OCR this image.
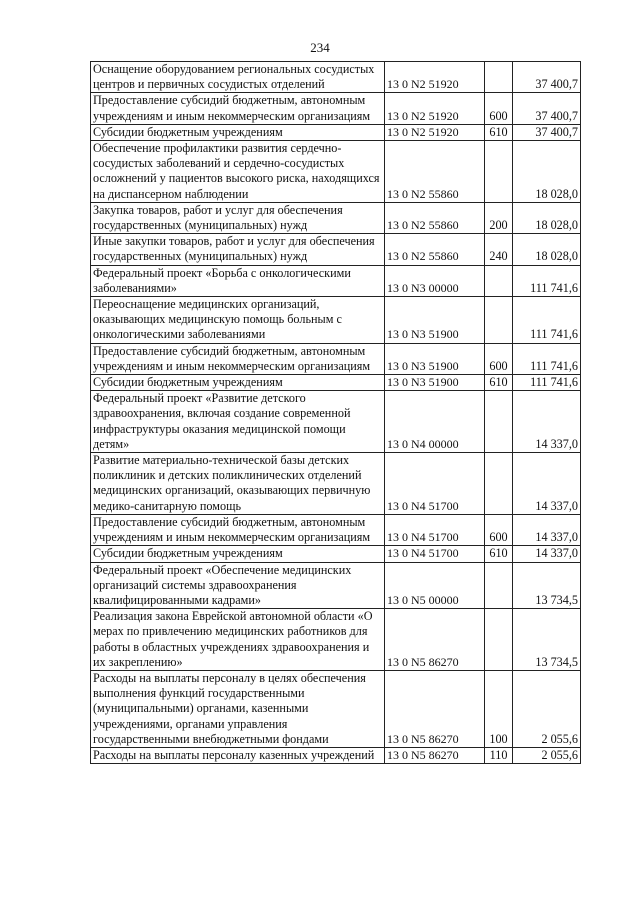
234
Оснащение оборудованием региональных сосудистых центров и первичных сосудистых отделений	13 0 N2 51920		37 400,7
Предоставление субсидий бюджетным, автономным учреждениям и иным некоммерческим организациям	13 0 N2 51920	600	37 400,7
Субсидии бюджетным учреждениям	13 0 N2 51920	610	37 400,7
Обеспечение профилактики развития сердечно-сосудистых заболеваний и сердечно-сосудистых осложнений у пациентов высокого риска, находящихся на диспансерном наблюдении	13 0 N2 55860		18 028,0
Закупка товаров, работ и услуг для обеспечения государственных (муниципальных) нужд	13 0 N2 55860	200	18 028,0
Иные закупки товаров, работ и услуг для обеспечения государственных (муниципальных) нужд	13 0 N2 55860	240	18 028,0
Федеральный проект «Борьба с онкологическими заболеваниями»	13 0 N3 00000		111 741,6
Переоснащение медицинских организаций, оказывающих медицинскую помощь больным с онкологическими заболеваниями	13 0 N3 51900		111 741,6
Предоставление субсидий бюджетным, автономным учреждениям и иным некоммерческим организациям	13 0 N3 51900	600	111 741,6
Субсидии бюджетным учреждениям	13 0 N3 51900	610	111 741,6
Федеральный проект «Развитие детского здравоохранения, включая создание современной инфраструктуры оказания медицинской помощи детям»	13 0 N4 00000		14 337,0
Развитие материально-технической базы детских поликлиник и детских поликлинических отделений медицинских организаций, оказывающих первичную медико-санитарную помощь	13 0 N4 51700		14 337,0
Предоставление субсидий бюджетным, автономным учреждениям и иным некоммерческим организациям	13 0 N4 51700	600	14 337,0
Субсидии бюджетным учреждениям	13 0 N4 51700	610	14 337,0
Федеральный проект «Обеспечение медицинских организаций системы здравоохранения квалифицированными кадрами»	13 0 N5 00000		13 734,5
Реализация закона Еврейской автономной области «О мерах по привлечению медицинских работников для работы в областных учреждениях здравоохранения и их закреплению»	13 0 N5 86270		13 734,5
Расходы на выплаты персоналу в целях обеспечения выполнения функций государственными (муниципальными) органами, казенными учреждениями, органами управления государственными внебюджетными фондами	13 0 N5 86270	100	2 055,6
Расходы на выплаты персоналу казенных учреждений	13 0 N5 86270	110	2 055,6
